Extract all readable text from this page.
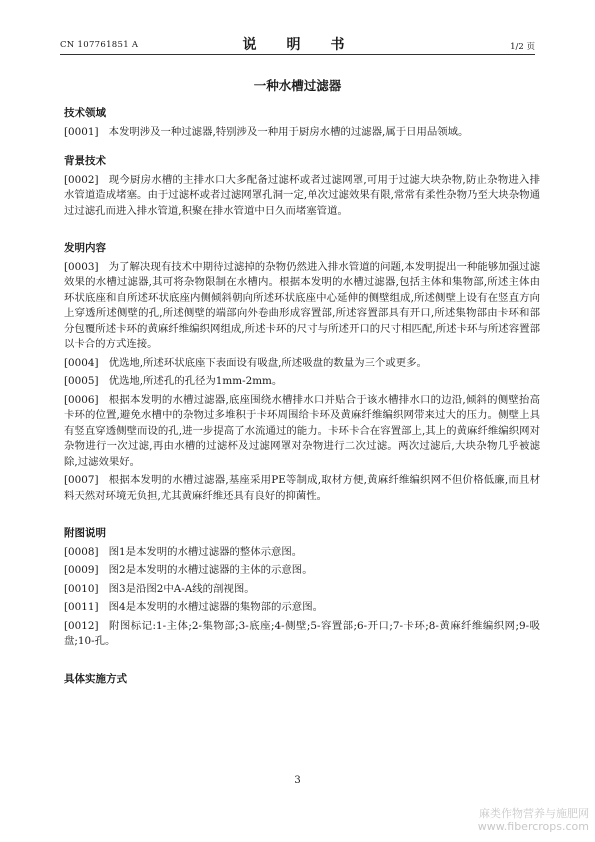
CN 107761851 A	说　明　书	1/2 页
一种水槽过滤器
技术领域

[0001] 本发明涉及一种过滤器,特别涉及一种用于厨房水槽的过滤器,属于日用品领域。

背景技术

[0002] 现今厨房水槽的主排水口大多配备过滤杯或者过滤网罩,可用于过滤大块杂物,防止杂物进入排水管道造成堵塞。由于过滤杯或者过滤网罩孔洞一定,单次过滤效果有限,常常有柔性杂物乃至大块杂物通过过滤孔而进入排水管道,积聚在排水管道中日久而堵塞管道。

发明内容

[0003] 为了解决现有技术中期待过滤掉的杂物仍然进入排水管道的问题,本发明提出一种能够加强过滤效果的水槽过滤器,其可将杂物限制在水槽内。根据本发明的水槽过滤器,包括主体和集物部,所述主体由环状底座和自所述环状底座内侧倾斜朝向所述环状底座中心延伸的侧壁组成,所述侧壁上设有在竖直方向上穿透所述侧壁的孔,所述侧壁的端部向外卷曲形成容置部,所述容置部具有开口,所述集物部由卡环和部分包覆所述卡环的黄麻纤维编织网组成,所述卡环的尺寸与所述开口的尺寸相匹配,所述卡环与所述容置部以卡合的方式连接。

[0004] 优选地,所述环状底座下表面设有吸盘,所述吸盘的数量为三个或更多。

[0005] 优选地,所述孔的孔径为1mm-2mm。

[0006] 根据本发明的水槽过滤器,底座围绕水槽排水口并贴合于该水槽排水口的边沿,倾斜的侧壁抬高卡环的位置,避免水槽中的杂物过多堆积于卡环周围给卡环及黄麻纤维编织网带来过大的压力。侧壁上具有竖直穿透侧壁而设的孔,进一步提高了水流通过的能力。卡环卡合在容置部上,其上的黄麻纤维编织网对杂物进行一次过滤,再由水槽的过滤杯及过滤网罩对杂物进行二次过滤。两次过滤后,大块杂物几乎被滤除,过滤效果好。

[0007] 根据本发明的水槽过滤器,基座采用PE等制成,取材方便,黄麻纤维编织网不但价格低廉,而且材料天然对环境无负担,尤其黄麻纤维还具有良好的抑菌性。

附图说明

[0008] 图1是本发明的水槽过滤器的整体示意图。

[0009] 图2是本发明的水槽过滤器的主体的示意图。

[0010] 图3是沿图2中A-A线的剖视图。

[0011] 图4是本发明的水槽过滤器的集物部的示意图。

[0012] 附图标记:1-主体;2-集物部;3-底座;4-侧壁;5-容置部;6-开口;7-卡环;8-黄麻纤维编织网;9-吸盘;10-孔。

具体实施方式
3
麻类作物营养与施肥网
www.fibercrops.com
